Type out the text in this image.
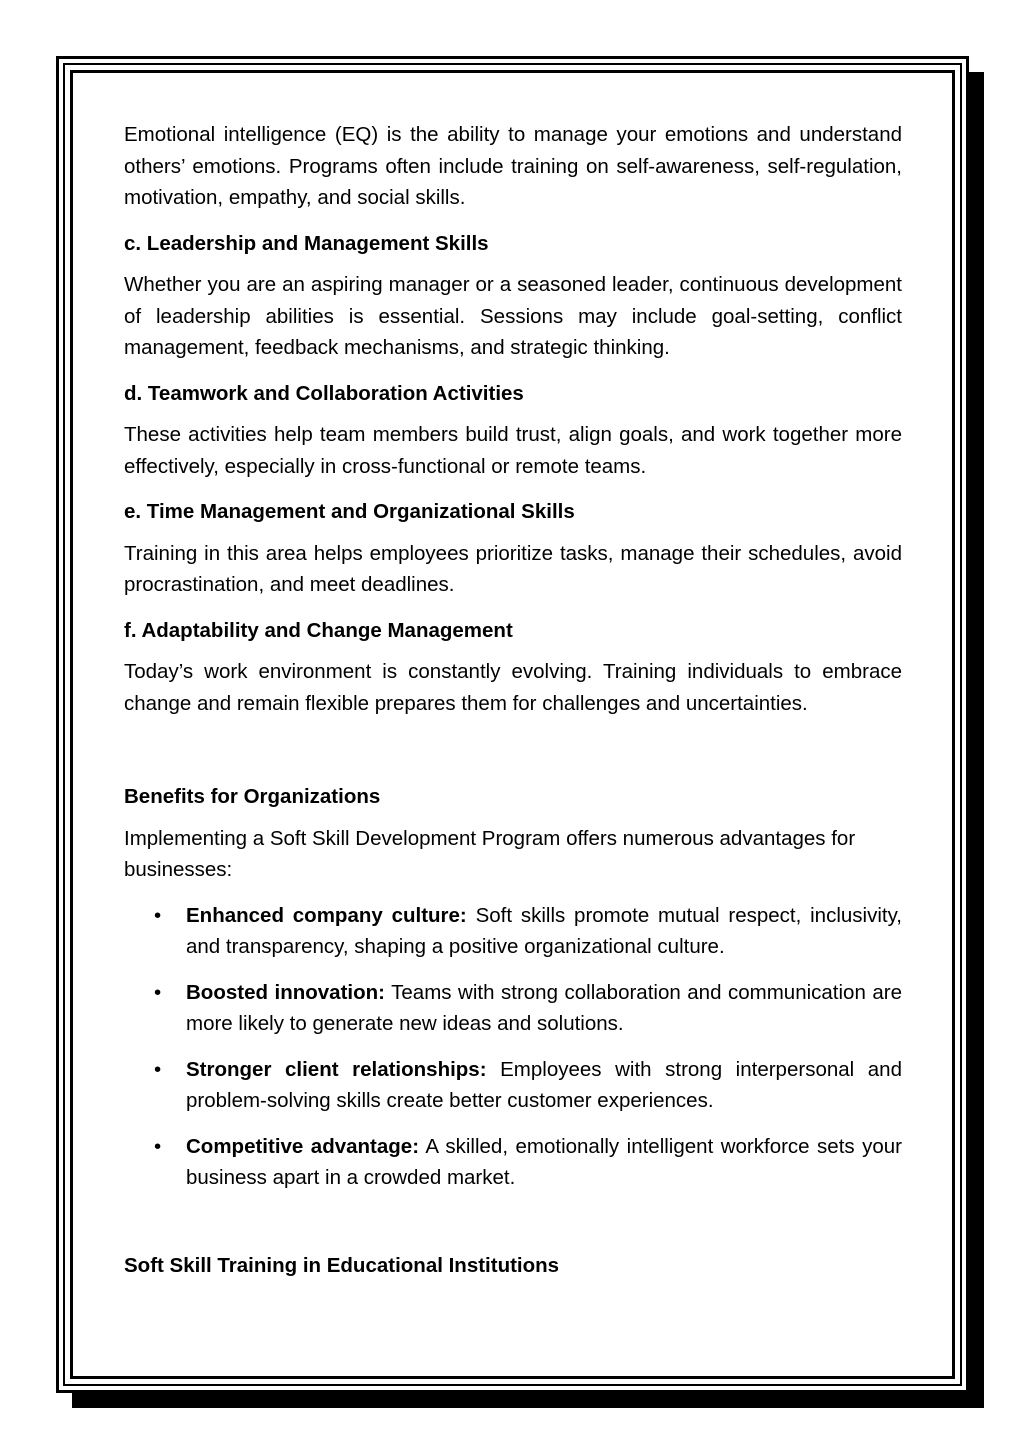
Emotional intelligence (EQ) is the ability to manage your emotions and understand others’ emotions. Programs often include training on self-awareness, self-regulation, motivation, empathy, and social skills.

c. Leadership and Management Skills

Whether you are an aspiring manager or a seasoned leader, continuous development of leadership abilities is essential. Sessions may include goal-setting, conflict management, feedback mechanisms, and strategic thinking.

d. Teamwork and Collaboration Activities

These activities help team members build trust, align goals, and work together more effectively, especially in cross-functional or remote teams.

e. Time Management and Organizational Skills

Training in this area helps employees prioritize tasks, manage their schedules, avoid procrastination, and meet deadlines.

f. Adaptability and Change Management

Today’s work environment is constantly evolving. Training individuals to embrace change and remain flexible prepares them for challenges and uncertainties.

Benefits for Organizations

Implementing a Soft Skill Development Program offers numerous advantages for businesses:

• Enhanced company culture: Soft skills promote mutual respect, inclusivity, and transparency, shaping a positive organizational culture.
• Boosted innovation: Teams with strong collaboration and communication are more likely to generate new ideas and solutions.
• Stronger client relationships: Employees with strong interpersonal and problem-solving skills create better customer experiences.
• Competitive advantage: A skilled, emotionally intelligent workforce sets your business apart in a crowded market.
Soft Skill Training in Educational Institutions
